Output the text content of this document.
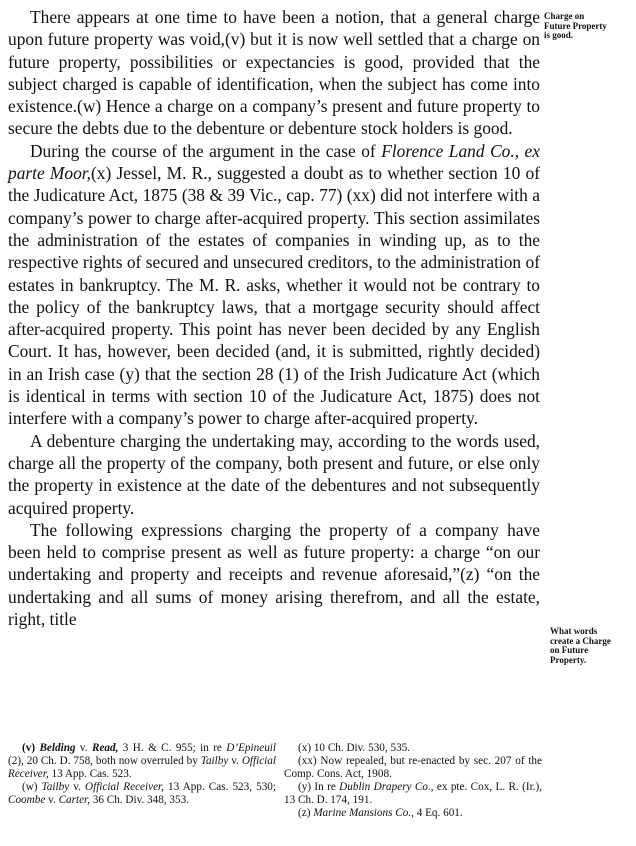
There appears at one time to have been a notion, that a general charge upon future property was void,(v) but it is now well settled that a charge on future property, possibilities or expectancies is good, provided that the subject charged is capable of identification, when the subject has come into existence.(w) Hence a charge on a company’s present and future property to secure the debts due to the debenture or debenture stock holders is good.

During the course of the argument in the case of Florence Land Co., ex parte Moor,(x) Jessel, M. R., suggested a doubt as to whether section 10 of the Judicature Act, 1875 (38 & 39 Vic., cap. 77) (xx) did not interfere with a company’s power to charge after-acquired property. This section assimilates the administration of the estates of companies in winding up, as to the respective rights of secured and unsecured creditors, to the administration of estates in bankruptcy. The M. R. asks, whether it would not be contrary to the policy of the bankruptcy laws, that a mortgage security should affect after-acquired property. This point has never been decided by any English Court. It has, however, been decided (and, it is submitted, rightly decided) in an Irish case (y) that the section 28 (1) of the Irish Judicature Act (which is identical in terms with section 10 of the Judicature Act, 1875) does not interfere with a company’s power to charge after-acquired property.

A debenture charging the undertaking may, according to the words used, charge all the property of the company, both present and future, or else only the property in existence at the date of the debentures and not subsequently acquired property.

The following expressions charging the property of a company have been held to comprise present as well as future property: a charge “on our undertaking and property and receipts and revenue aforesaid,”(z) “on the undertaking and all sums of money arising therefrom, and all the estate, right, title

Charge on
Future Property
is good.
What words
create a Charge
on Future
Property.

(v) Belding v. Read, 3 H. & C. 955; in re D’Epineuil (2), 20 Ch. D. 758, both now overruled by Tailby v. Official Receiver, 13 App. Cas. 523.

(w) Tailby v. Official Receiver, 13 App. Cas. 523, 530; Coombe v. Carter, 36 Ch. Div. 348, 353.

(x) 10 Ch. Div. 530, 535.

(xx) Now repealed, but re-enacted by sec. 207 of the Comp. Cons. Act, 1908.

(y) In re Dublin Drapery Co., ex pte. Cox, L. R. (Ir.), 13 Ch. D. 174, 191.

(z) Marine Mansions Co., 4 Eq. 601.
